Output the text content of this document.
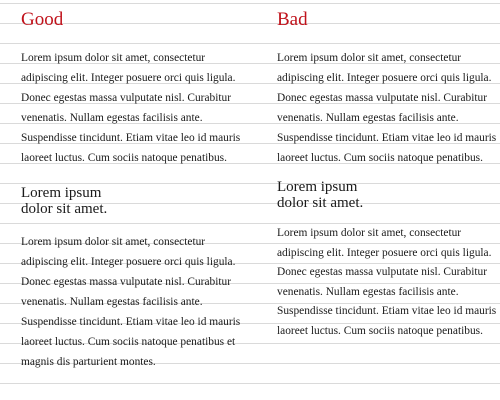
Good

Lorem ipsum dolor sit amet, consectetur adipiscing elit. Integer posuere orci quis ligula. Donec egestas massa vulputate nisl. Curabitur venenatis. Nullam egestas facilisis ante. Suspendisse tincidunt. Etiam vitae leo id mauris laoreet luctus. Cum sociis natoque penatibus.

Lorem ipsum
dolor sit amet.

Lorem ipsum dolor sit amet, consectetur adipiscing elit. Integer posuere orci quis ligula. Donec egestas massa vulputate nisl. Curabitur venenatis. Nullam egestas facilisis ante. Suspendisse tincidunt. Etiam vitae leo id mauris laoreet luctus. Cum sociis natoque penatibus et magnis dis parturient montes.

Bad

Lorem ipsum dolor sit amet, consectetur adipiscing elit. Integer posuere orci quis ligula. Donec egestas massa vulputate nisl. Curabitur venenatis. Nullam egestas facilisis ante. Suspendisse tincidunt. Etiam vitae leo id mauris laoreet luctus. Cum sociis natoque penatibus.

Lorem ipsum
dolor sit amet.

Lorem ipsum dolor sit amet, consectetur adipiscing elit. Integer posuere orci quis ligula. Donec egestas massa vulputate nisl. Curabitur venenatis. Nullam egestas facilisis ante. Suspendisse tincidunt. Etiam vitae leo id mauris laoreet luctus. Cum sociis natoque penatibus.
